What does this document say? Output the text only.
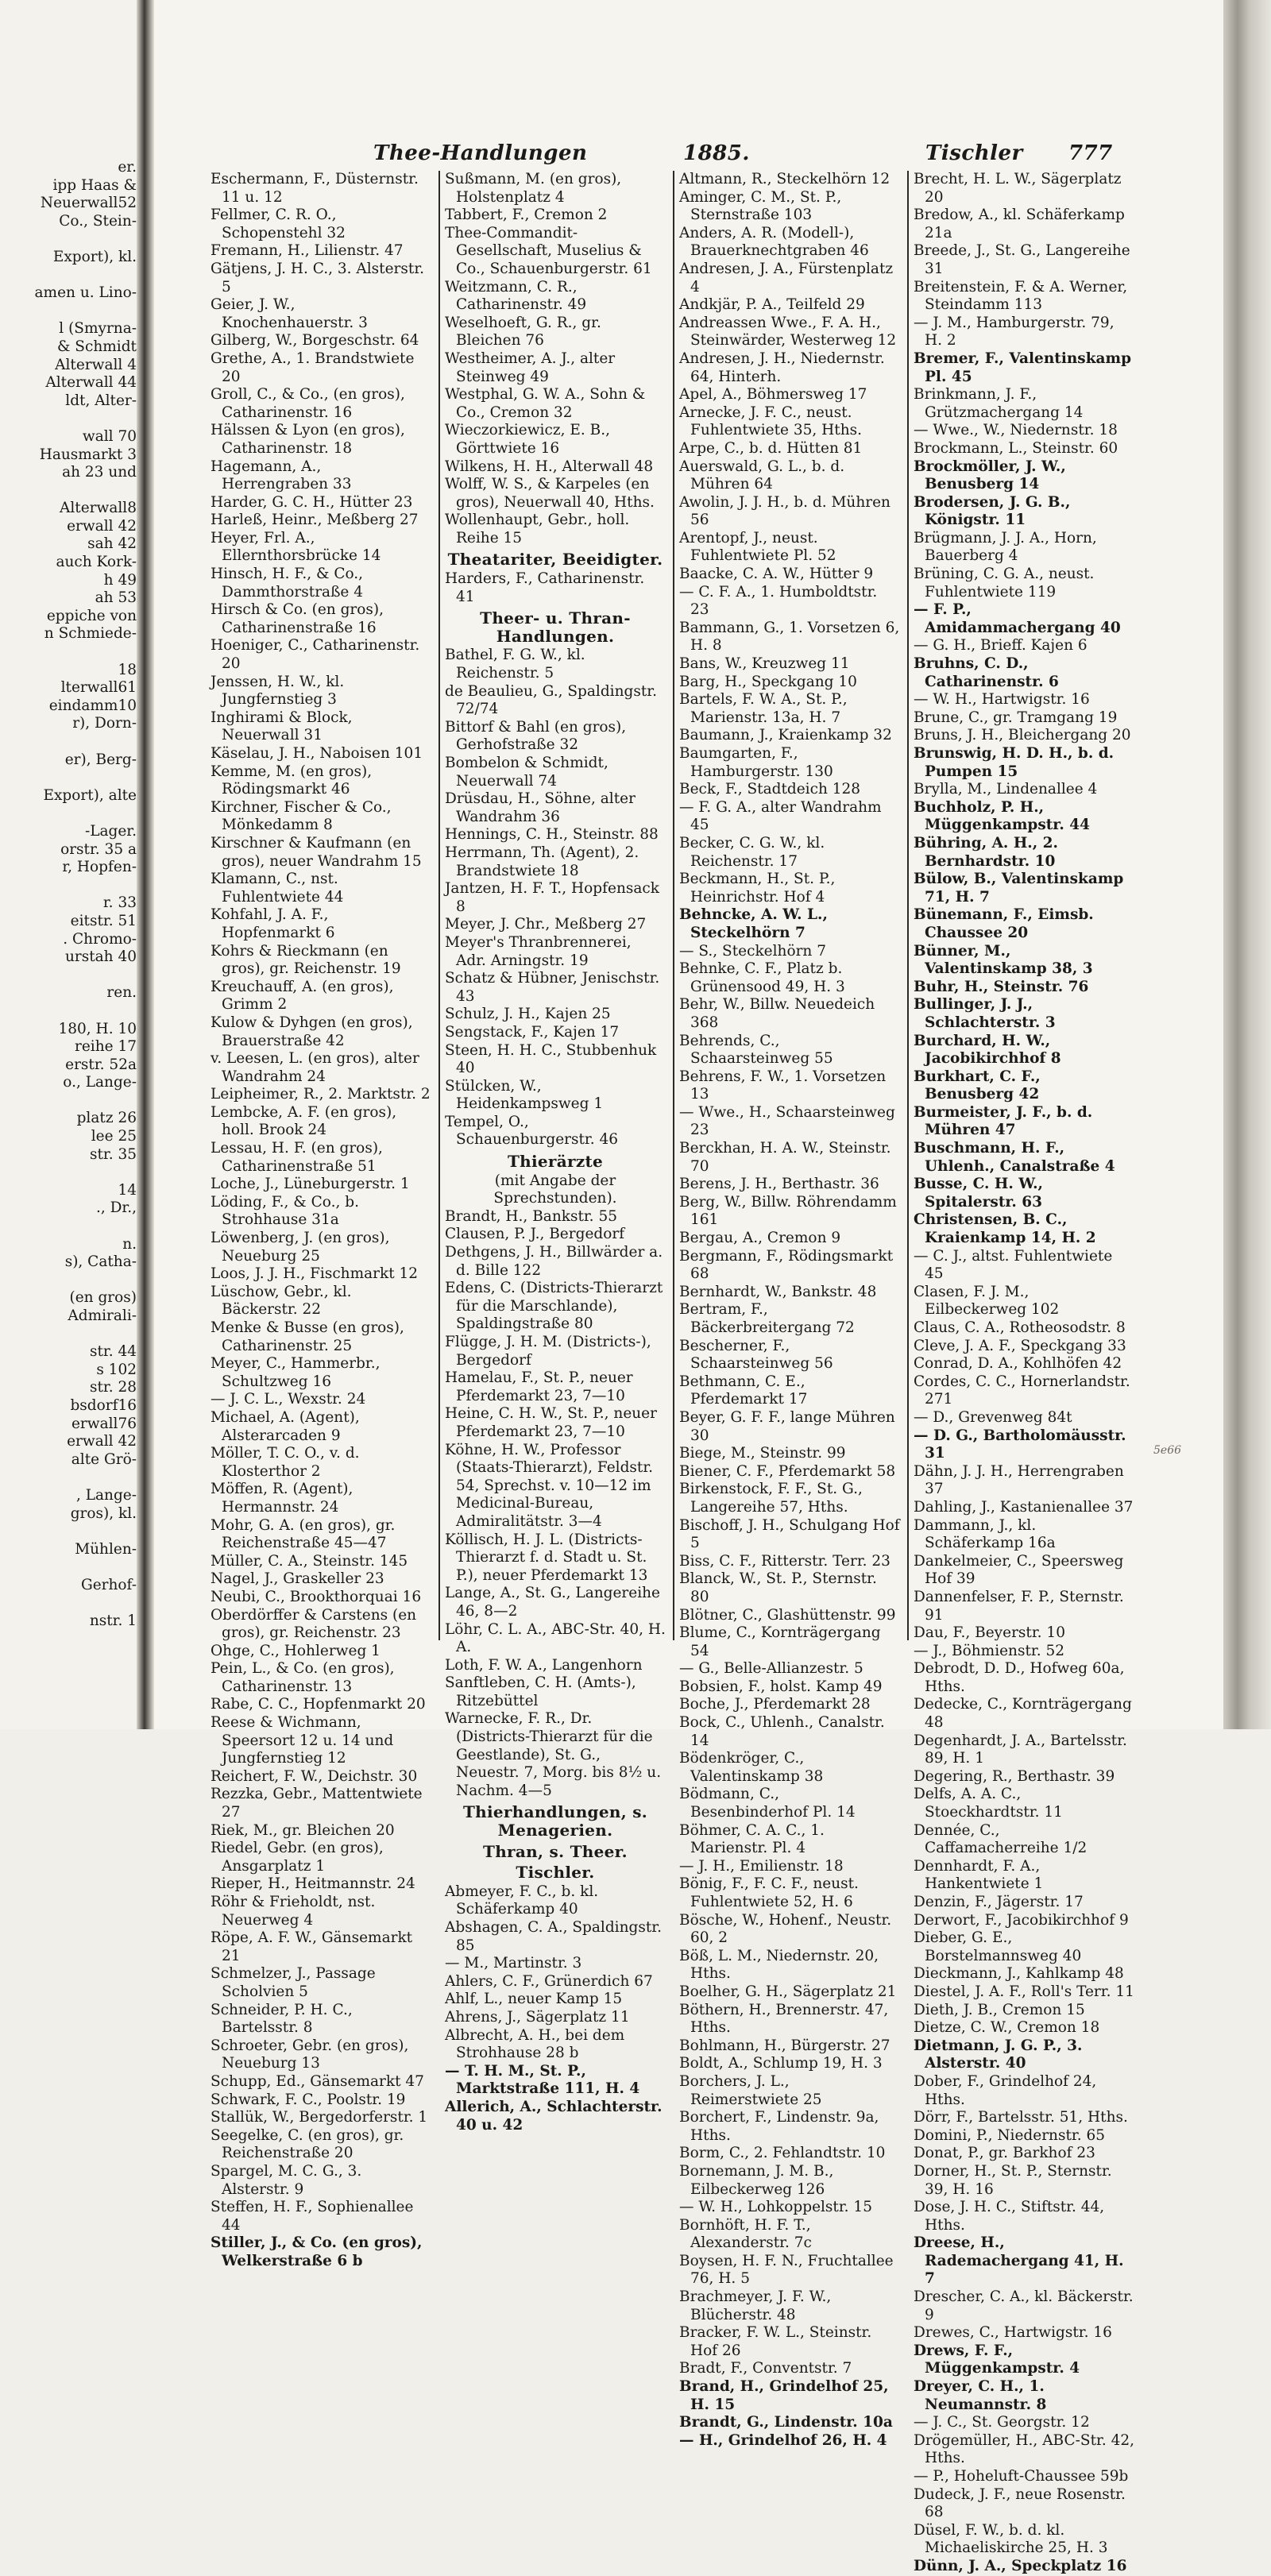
er.
ipp Haas &
Neuerwall52
Co., Stein-

Export), kl.

amen u. Lino-

l (Smyrna-
& Schmidt
Alterwall 4
Alterwall 44
ldt, Alter-

wall 70
Hausmarkt 3
ah 23 und

Alterwall8
erwall 42
sah 42
auch Kork-
h 49
ah 53
eppiche von
n Schmiede-

18
lterwall61
eindamm10
r), Dorn-

er), Berg-

Export), alte

-Lager.
orstr. 35 a
r, Hopfen-

r. 33
eitstr. 51
. Chromo-
urstah 40

ren.

180, H. 10
reihe 17
erstr. 52a
o., Lange-

platz 26
lee 25
str. 35

14
., Dr.,

n.
s), Catha-

(en gros)
Admirali-

str. 44
s 102
str. 28
bsdorf16
erwall76
erwall 42
alte Grö-

, Lange-
gros), kl.

Mühlen-

Gerhof-

nstr. 1
Thee-Handlungen	1885.	Tischler 777
Eschermann, F., Düsternstr. 11 u. 12
Fellmer, C. R. O., Schopenstehl 32
Fremann, H., Lilienstr. 47
Gätjens, J. H. C., 3. Alsterstr. 5
Geier, J. W., Knochenhauerstr. 3
Gilberg, W., Borgeschstr. 64
Grethe, A., 1. Brandstwiete 20
Groll, C., & Co., (en gros), Catharinenstr. 16
Hälssen & Lyon (en gros), Catharinenstr. 18
Hagemann, A., Herrengraben 33
Harder, G. C. H., Hütter 23
Harleß, Heinr., Meßberg 27
Heyer, Frl. A., Ellernthorsbrücke 14
Hinsch, H. F., & Co., Dammthorstraße 4
Hirsch & Co. (en gros), Catharinenstraße 16
Hoeniger, C., Catharinenstr. 20
Jenssen, H. W., kl. Jungfernstieg 3
Inghirami & Block, Neuerwall 31
Käselau, J. H., Naboisen 101
Kemme, M. (en gros), Rödingsmarkt 46
Kirchner, Fischer & Co., Mönkedamm 8
Kirschner & Kaufmann (en gros), neuer Wandrahm 15
Klamann, C., nst. Fuhlentwiete 44
Kohfahl, J. A. F., Hopfenmarkt 6
Kohrs & Rieckmann (en gros), gr. Reichenstr. 19
Kreuchauff, A. (en gros), Grimm 2
Kulow & Dyhgen (en gros), Brauerstraße 42
v. Leesen, L. (en gros), alter Wandrahm 24
Leipheimer, R., 2. Marktstr. 2
Lembcke, A. F. (en gros), holl. Brook 24
Lessau, H. F. (en gros), Catharinenstraße 51
Loche, J., Lüneburgerstr. 1
Löding, F., & Co., b. Strohhause 31a
Löwenberg, J. (en gros), Neueburg 25
Loos, J. J. H., Fischmarkt 12
Lüschow, Gebr., kl. Bäckerstr. 22
Menke & Busse (en gros), Catharinenstr. 25
Meyer, C., Hammerbr., Schultzweg 16
— J. C. L., Wexstr. 24
Michael, A. (Agent), Alsterarcaden 9
Möller, T. C. O., v. d. Klosterthor 2
Möffen, R. (Agent), Hermannstr. 24
Mohr, G. A. (en gros), gr. Reichenstraße 45—47
Müller, C. A., Steinstr. 145
Nagel, J., Graskeller 23
Neubi, C., Brookthorquai 16
Oberdörffer & Carstens (en gros), gr. Reichenstr. 23
Ohge, C., Hohlerweg 1
Pein, L., & Co. (en gros), Catharinenstr. 13
Rabe, C. C., Hopfenmarkt 20
Reese & Wichmann, Speersort 12 u. 14 und Jungfernstieg 12
Reichert, F. W., Deichstr. 30
Rezzka, Gebr., Mattentwiete 27
Riek, M., gr. Bleichen 20
Riedel, Gebr. (en gros), Ansgarplatz 1
Rieper, H., Heitmannstr. 24
Röhr & Frieholdt, nst. Neuerweg 4
Röpe, A. F. W., Gänsemarkt 21
Schmelzer, J., Passage Scholvien 5
Schneider, P. H. C., Bartelsstr. 8
Schroeter, Gebr. (en gros), Neueburg 13
Schupp, Ed., Gänsemarkt 47
Schwark, F. C., Poolstr. 19
Stallük, W., Bergedorferstr. 1
Seegelke, C. (en gros), gr. Reichenstraße 20
Spargel, M. C. G., 3. Alsterstr. 9
Steffen, H. F., Sophienallee 44
Stiller, J., & Co. (en gros), Welkerstraße 6 b
Sußmann, M. (en gros), Holstenplatz 4
Tabbert, F., Cremon 2
Thee-Commandit-Gesellschaft, Muselius & Co., Schauenburgerstr. 61
Weitzmann, C. R., Catharinenstr. 49
Weselhoeft, G. R., gr. Bleichen 76
Westheimer, A. J., alter Steinweg 49
Westphal, G. W. A., Sohn & Co., Cremon 32
Wieczorkiewicz, E. B., Görttwiete 16
Wilkens, H. H., Alterwall 48
Wolff, W. S., & Karpeles (en gros), Neuerwall 40, Hths.
Wollenhaupt, Gebr., holl. Reihe 15
Theatariter, Beeidigter.
Harders, F., Catharinenstr. 41
Theer- u. Thran-Handlungen.
Bathel, F. G. W., kl. Reichenstr. 5
de Beaulieu, G., Spaldingstr. 72/74
Bittorf & Bahl (en gros), Gerhofstraße 32
Bombelon & Schmidt, Neuerwall 74
Drüsdau, H., Söhne, alter Wandrahm 36
Hennings, C. H., Steinstr. 88
Herrmann, Th. (Agent), 2. Brandstwiete 18
Jantzen, H. F. T., Hopfensack 8
Meyer, J. Chr., Meßberg 27
Meyer's Thranbrennerei, Adr. Arningstr. 19
Schatz & Hübner, Jenischstr. 43
Schulz, J. H., Kajen 25
Sengstack, F., Kajen 17
Steen, H. H. C., Stubbenhuk 40
Stülcken, W., Heidenkampsweg 1
Tempel, O., Schauenburgerstr. 46
Thierärzte
(mit Angabe der Sprechstunden).
Brandt, H., Bankstr. 55
Clausen, P. J., Bergedorf
Dethgens, J. H., Billwärder a. d. Bille 122
Edens, C. (Districts-Thierarzt für die Marschlande), Spaldingstraße 80
Flügge, J. H. M. (Districts-), Bergedorf
Hamelau, F., St. P., neuer Pferdemarkt 23, 7—10
Heine, C. H. W., St. P., neuer Pferdemarkt 23, 7—10
Köhne, H. W., Professor (Staats-Thierarzt), Feldstr. 54, Sprechst. v. 10—12 im Medicinal-Bureau, Admiralitätstr. 3—4
Köllisch, H. J. L. (Districts-Thierarzt f. d. Stadt u. St. P.), neuer Pferdemarkt 13
Lange, A., St. G., Langereihe 46, 8—2
Löhr, C. L. A., ABC-Str. 40, H. A.
Loth, F. W. A., Langenhorn
Sanftleben, C. H. (Amts-), Ritzebüttel
Warnecke, F. R., Dr. (Districts-Thierarzt für die Geestlande), St. G., Neuestr. 7, Morg. bis 8½ u. Nachm. 4—5
Thierhandlungen, s. Menagerien.
Thran, s. Theer.
Tischler.
Abmeyer, F. C., b. kl. Schäferkamp 40
Abshagen, C. A., Spaldingstr. 85
— M., Martinstr. 3
Ahlers, C. F., Grünerdich 67
Ahlf, L., neuer Kamp 15
Ahrens, J., Sägerplatz 11
Albrecht, A. H., bei dem Strohhause 28 b
— T. H. M., St. P., Marktstraße 111, H. 4
Allerich, A., Schlachterstr. 40 u. 42
Altmann, R., Steckelhörn 12
Aminger, C. M., St. P., Sternstraße 103
Anders, A. R. (Modell-), Brauerknechtgraben 46
Andresen, J. A., Fürstenplatz 4
Andkjär, P. A., Teilfeld 29
Andreassen Wwe., F. A. H., Steinwärder, Westerweg 12
Andresen, J. H., Niedernstr. 64, Hinterh.
Apel, A., Böhmersweg 17
Arnecke, J. F. C., neust. Fuhlentwiete 35, Hths.
Arpe, C., b. d. Hütten 81
Auerswald, G. L., b. d. Mühren 64
Awolin, J. J. H., b. d. Mühren 56
Arentopf, J., neust. Fuhlentwiete Pl. 52
Baacke, C. A. W., Hütter 9
— C. F. A., 1. Humboldtstr. 23
Bammann, G., 1. Vorsetzen 6, H. 8
Bans, W., Kreuzweg 11
Barg, H., Speckgang 10
Bartels, F. W. A., St. P., Marienstr. 13a, H. 7
Baumann, J., Kraienkamp 32
Baumgarten, F., Hamburgerstr. 130
Beck, F., Stadtdeich 128
— F. G. A., alter Wandrahm 45
Becker, C. G. W., kl. Reichenstr. 17
Beckmann, H., St. P., Heinrichstr. Hof 4
Behncke, A. W. L., Steckelhörn 7
— S., Steckelhörn 7
Behnke, C. F., Platz b. Grünensood 49, H. 3
Behr, W., Billw. Neuedeich 368
Behrends, C., Schaarsteinweg 55
Behrens, F. W., 1. Vorsetzen 13
— Wwe., H., Schaarsteinweg 23
Berckhan, H. A. W., Steinstr. 70
Berens, J. H., Berthastr. 36
Berg, W., Billw. Röhrendamm 161
Bergau, A., Cremon 9
Bergmann, F., Rödingsmarkt 68
Bernhardt, W., Bankstr. 48
Bertram, F., Bäckerbreitergang 72
Bescherner, F., Schaarsteinweg 56
Bethmann, C. E., Pferdemarkt 17
Beyer, G. F. F., lange Mühren 30
Biege, M., Steinstr. 99
Biener, C. F., Pferdemarkt 58
Birkenstock, F. F., St. G., Langereihe 57, Hths.
Bischoff, J. H., Schulgang Hof 5
Biss, C. F., Ritterstr. Terr. 23
Blanck, W., St. P., Sternstr. 80
Blötner, C., Glashüttenstr. 99
Blume, C., Kornträgergang 54
— G., Belle-Allianzestr. 5
Bobsien, F., holst. Kamp 49
Boche, J., Pferdemarkt 28
Bock, C., Uhlenh., Canalstr. 14
Bödenkröger, C., Valentinskamp 38
Bödmann, C., Besenbinderhof Pl. 14
Böhmer, C. A. C., 1. Marienstr. Pl. 4
— J. H., Emilienstr. 18
Bönig, F., F. C. F., neust. Fuhlentwiete 52, H. 6
Bösche, W., Hohenf., Neustr. 60, 2
Böß, L. M., Niedernstr. 20, Hths.
Boelher, G. H., Sägerplatz 21
Böthern, H., Brennerstr. 47, Hths.
Bohlmann, H., Bürgerstr. 27
Boldt, A., Schlump 19, H. 3
Borchers, J. L., Reimerstwiete 25
Borchert, F., Lindenstr. 9a, Hths.
Borm, C., 2. Fehlandtstr. 10
Bornemann, J. M. B., Eilbeckerweg 126
— W. H., Lohkoppelstr. 15
Bornhöft, H. F. T., Alexanderstr. 7c
Boysen, H. F. N., Fruchtallee 76, H. 5
Brachmeyer, J. F. W., Blücherstr. 48
Bracker, F. W. L., Steinstr. Hof 26
Bradt, F., Conventstr. 7
Brand, H., Grindelhof 25, H. 15
Brandt, G., Lindenstr. 10a
— H., Grindelhof 26, H. 4
Brecht, H. L. W., Sägerplatz 20
Bredow, A., kl. Schäferkamp 21a
Breede, J., St. G., Langereihe 31
Breitenstein, F. & A. Werner, Steindamm 113
— J. M., Hamburgerstr. 79, H. 2
Bremer, F., Valentinskamp Pl. 45
Brinkmann, J. F., Grützmachergang 14
— Wwe., W., Niedernstr. 18
Brockmann, L., Steinstr. 60
Brockmöller, J. W., Benusberg 14
Brodersen, J. G. B., Königstr. 11
Brügmann, J. J. A., Horn, Bauerberg 4
Brüning, C. G. A., neust. Fuhlentwiete 119
— F. P., Amidammachergang 40
— G. H., Brieff. Kajen 6
Bruhns, C. D., Catharinenstr. 6
— W. H., Hartwigstr. 16
Brune, C., gr. Tramgang 19
Bruns, J. H., Bleichergang 20
Brunswig, H. D. H., b. d. Pumpen 15
Brylla, M., Lindenallee 4
Buchholz, P. H., Müggenkampstr. 44
Bühring, A. H., 2. Bernhardstr. 10
Bülow, B., Valentinskamp 71, H. 7
Bünemann, F., Eimsb. Chaussee 20
Bünner, M., Valentinskamp 38, 3
Buhr, H., Steinstr. 76
Bullinger, J. J., Schlachterstr. 3
Burchard, H. W., Jacobikirchhof 8
Burkhart, C. F., Benusberg 42
Burmeister, J. F., b. d. Mühren 47
Buschmann, H. F., Uhlenh., Canalstraße 4
Busse, C. H. W., Spitalerstr. 63
Christensen, B. C., Kraienkamp 14, H. 2
— C. J., altst. Fuhlentwiete 45
Clasen, F. J. M., Eilbeckerweg 102
Claus, C. A., Rotheosodstr. 8
Cleve, J. A. F., Speckgang 33
Conrad, D. A., Kohlhöfen 42
Cordes, C. C., Hornerlandstr. 271
— D., Grevenweg 84t
— D. G., Bartholomäusstr. 31
Dähn, J. J. H., Herrengraben 37
Dahling, J., Kastanienallee 37
Dammann, J., kl. Schäferkamp 16a
Dankelmeier, C., Speersweg Hof 39
Dannenfelser, F. P., Sternstr. 91
Dau, F., Beyerstr. 10
— J., Böhmienstr. 52
Debrodt, D. D., Hofweg 60a, Hths.
Dedecke, C., Kornträgergang 48
Degenhardt, J. A., Bartelsstr. 89, H. 1
Degering, R., Berthastr. 39
Delfs, A. A. C., Stoeckhardtstr. 11
Dennée, C., Caffamacherreihe 1/2
Dennhardt, F. A., Hankentwiete 1
Denzin, F., Jägerstr. 17
Derwort, F., Jacobikirchhof 9
Dieber, G. E., Borstelmannsweg 40
Dieckmann, J., Kahlkamp 48
Diestel, J. A. F., Roll's Terr. 11
Dieth, J. B., Cremon 15
Dietze, C. W., Cremon 18
Dietmann, J. G. P., 3. Alsterstr. 40
Dober, F., Grindelhof 24, Hths.
Dörr, F., Bartelsstr. 51, Hths.
Domini, P., Niedernstr. 65
Donat, P., gr. Barkhof 23
Dorner, H., St. P., Sternstr. 39, H. 16
Dose, J. H. C., Stiftstr. 44, Hths.
Dreese, H., Rademachergang 41, H. 7
Drescher, C. A., kl. Bäckerstr. 9
Drewes, C., Hartwigstr. 16
Drews, F. F., Müggenkampstr. 4
Dreyer, C. H., 1. Neumannstr. 8
— J. C., St. Georgstr. 12
Drögemüller, H., ABC-Str. 42, Hths.
— P., Hoheluft-Chaussee 59b
Dudeck, J. F., neue Rosenstr. 68
Düsel, F. W., b. d. kl. Michaeliskirche 25, H. 3
Dünn, J. A., Speckplatz 16
5e66
